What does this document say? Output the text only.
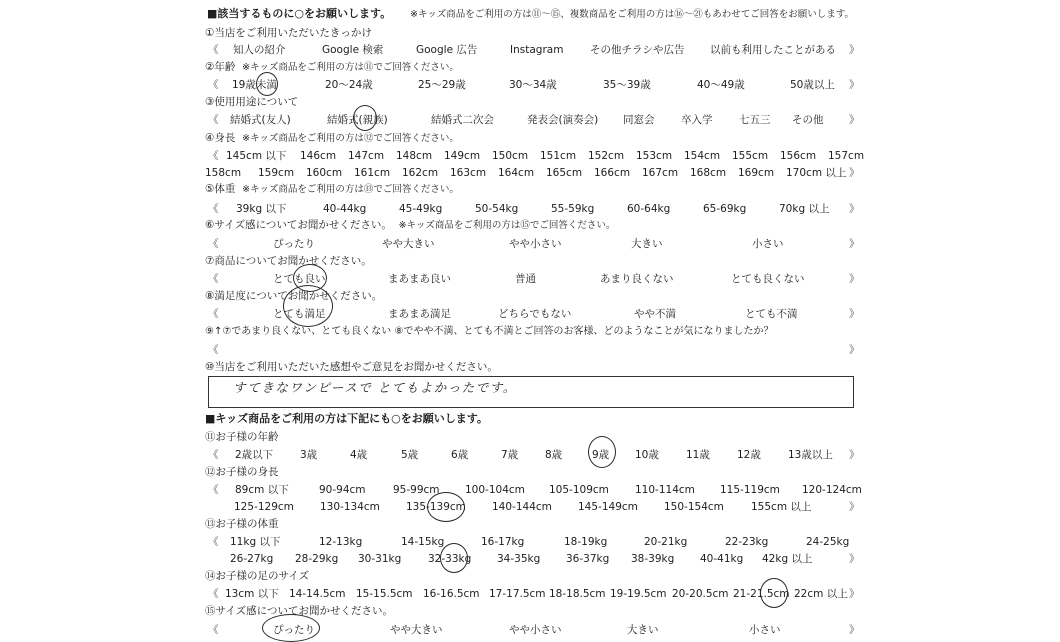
■該当するものに○をお願いします。 ※キッズ商品をご利用の方は⑪〜⑮、複数商品をご利用の方は⑯〜㉑もあわせてご回答をお願いします。
①当店をご利用いただいたきっかけ
《 知人の紹介	Google 検索	Google 広告	Instagram	その他チラシや広告 以前も利用したことがある 》
②年齢 ※キッズ商品をご利用の方は⑪でご回答ください。
《 19歳未満	20〜24歳	25〜29歳	30〜34歳	35〜39歳	40〜49歳	50歳以上 》
③使用用途について
《 結婚式(友人)	結婚式(親族)	結婚式二次会	発表会(演奏会) 同窓会	卒入学	七五三 その他 》
④身長 ※キッズ商品をご利用の方は⑫でご回答ください。
《 145cm 以下 146cm 147cm 148cm 149cm 150cm 151cm 152cm 153cm 154cm 155cm 156cm 157cm
158cm 159cm 160cm 161cm 162cm 163cm 164cm 165cm 166cm 167cm 168cm 169cm 170cm 以上 》
⑤体重 ※キッズ商品をご利用の方は⑬でご回答ください。
《 39kg 以下	40-44kg	45-49kg	50-54kg	55-59kg	60-64kg	65-69kg	70kg 以上 》
⑥サイズ感についてお聞かせください。 ※キッズ商品をご利用の方は⑮でご回答ください。
《	ぴったり	やや大きい	やや小さい	大きい	小さい	》
⑦商品についてお聞かせください。
《	とても良い	まあまあ良い	普通	あまり良くない	とても良くない	》
⑧満足度についてお聞かせください。
《	とても満足	まあまあ満足	どちらでもない	やや不満	とても不満	》
⑨↑⑦であまり良くない、とても良くない ⑧でやや不満、とても不満とご回答のお客様、どのようなことが気になりましたか？
《	》
⑩当店をご利用いただいた感想やご意見をお聞かせください。
すてきなワンピースで とてもよかったです。
■キッズ商品をご利用の方は下記にも○をお願いします。
⑪お子様の年齢
《 2歳以下	3歳	4歳	5歳	6歳	7歳	8歳	9歳 10歳	11歳	12歳	13歳以上 》
⑫お子様の身長
《 89cm 以下	90-94cm	95-99cm 100-104cm 105-109cm 110-114cm 115-119cm 120-124cm
125-129cm 130-134cm 135-139cm 140-144cm 145-149cm 150-154cm	155cm 以上	》
⑬お子様の体重
《 11kg 以下	12-13kg	14-15kg	16-17kg	18-19kg	20-21kg	22-23kg	24-25kg
26-27kg 28-29kg 30-31kg	32-33kg 34-35kg 36-37kg 38-39kg 40-41kg 42kg 以上	》
⑭お子様の足のサイズ
《 13cm 以下 14-14.5cm 15-15.5cm 16-16.5cm 17-17.5cm 18-18.5cm 19-19.5cm 20-20.5cm 21-21.5cm 22cm 以上 》
⑮サイズ感についてお聞かせください。
《	ぴったり	やや大きい	やや小さい	大きい	小さい	》
